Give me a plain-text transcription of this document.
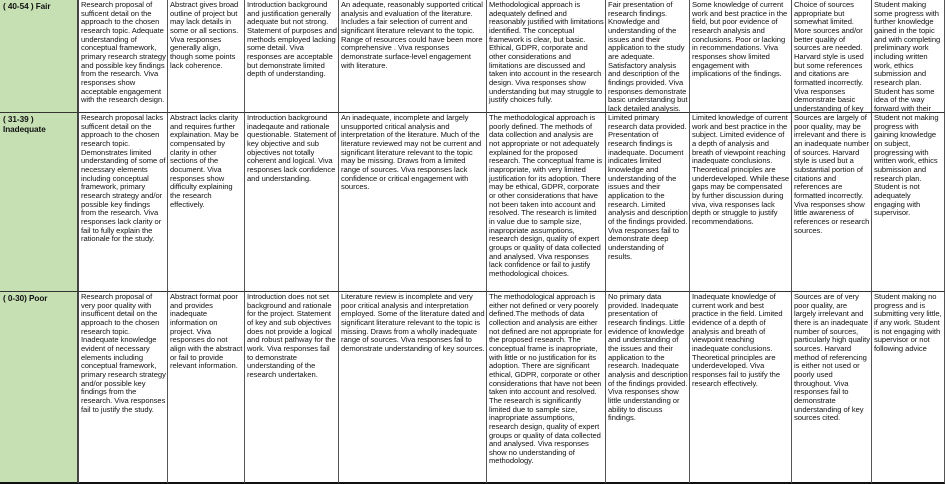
( 40-54 ) Fair	Research proposal of sufficent detail on the approach to the chosen research topic. Adequate understanding of conceptual framework, primary research strategy and possible key findings from the research. Viva responses show acceptable engagement with the research design.
Abstract gives broad outline of project but may lack details in some or all sections. Viva responses generally align, though some points lack coherence.
Introduction background and justification generally adequate but not strong. Statement of purposes and methods employed lacking some detail. Viva responses are acceptable but demonstrate limited depth of understanding.
An adequate, reasonably supported critical analysis and evaluation of the literature. Includes a fair selection of current and significant literature relevant to the topic. Range of resources could have been more comprehensive . Viva responses demonstrate surface-level engagement with literature.
Methodological approach is adequately defined and reasonably justified with limitations identified. The conceptual framework is clear, but basic. Ethical, GDPR, corporate and other considerations and limitations are discussed and taken into account in the research design. Viva responses show understanding but may struggle to justify choices fully.
Fair presentation of research findings. Knowledge and understanding of the issues and their application to the study are adequate. Satisfactory analysis and description of the findings provided. Viva responses demonstrate basic understanding but lack detailed analysis.
Some knowledge of current work and best practice in the field, but poor evidence of research analysis and conclusions. Poor or lacking in recommendations. Viva responses show limited engagement with implications of the findings.
Choice of sources appropriate but somewhat limited. More sources and/or better quality of sources are needed. Harvard style is used but some references and citations are formatted incorrectly. Viva responses demonstrate basic understanding of key
Student making some progress with further knowledge gained in the topic and with completing preliminary work including written work, ethics submission and research plan. Student has some idea of the way forward with their
( 31-39 ) Inadequate
Research proposal lacks sufficent detail on the approach to the chosen research topic. Demonstrates limited understanding of some of necessary elements including conceptual framework, primary research strategy and/or possible key findings from the research. Viva responses lack clarity or fail to fully explain the rationale for the study.
Abstract lacks clarity and requires further explaination. May be compensated by clarity in other sections of the document. Viva responses show difficulty explaining the research effectively.
Introduction background inadeqaute and rationale questionable. Statement of key objective and sub objectives not totally coherent and logical. Viva responses lack confidence and understanding.
An inadequate, incomplete and largely unsupported critical analysis and interpretation of the literature. Much of the literature reviewed may not be current and significant literature relevant to the topic may be missing. Draws from a limited range of sources. Viva responses lack confidence or critical engagement with sources.
The methodological approach is poorly defined. The methods of data collection and analysis are not appropriate or not adequately explained for the proposed research. The conceptual frame is inapropriate, with very limited justification for its adoption. There may be ethical, GDPR, corporate or other considerations that have not been taken into account and resolved. The research is limited in value due to sample size, inapropriate assumptions, research design, quality of expert groups or quality of data collected and analysed. Viva responses lack confidence or fail to justify methodological choices.
Limited primary research data provided. Presentation of research findings is inadequate. Document indicates limited knowledge and understanding of the issues and their application to the research. Limited analysis and description of the findings provided. Viva responses fail to demonstrate deep understanding of results.
Limited knowledge of current work and best practice in the subject. Limited evidence of a depth of analysis and breath of viewpoint reaching inadequate conclusions. Theoretical principles are underdeveloped. While these gaps may be compensated by further discussion during viva, viva responses lack depth or struggle to justify recommendations.
Sources are largely of poor quality, may be irrelevant and there is an inadequate number of sources. Harvard style is used but a substantial portion of citations and references are formatted incorrectly. Viva responses show little awareness of references or research sources.
Student not making progress with gaining knowledge on subject, progressing with written work, ethics submission and research plan. Student is not adequately engaging with supervisor.
( 0-30) Poor	Research proposal of very poor quality with insufficent detail on the approach to the chosen research topic. Inadequate knowledge evident of necessary elements including conceptual framework, primary research strategy and/or possible key findings from the research. Viva responses fail to justify the study.
Abstract format poor and provides inadequate information on project. Viva responses do not align with the abstract or fail to provide relevant information.
Introduction does not set background and rationale for the project. Statement of key and sub objectives does not provide a logical and robust pathway for the work. Viva responses fail to demonstrate understanding of the research undertaken.
Literature review is incomplete and very poor critical analysis and interpretation employed. Some of the literature dated and significant literature relevant to the topic is missing. Draws from a wholly inadequate range of sources. Viva responses fail to demonstrate understanding of key sources.
The methodological approach is either not defined or very poorely defined.The methods of data collection and analysis are either not defined are not appropriate for the proposed research. The conceptual frame is inapropriate, with little or no justification for its adoption. There are significant ethical, GDPR, corporate or other considerations that have not been taken into account and resolved. The research is significantly limited due to sample size, inapropriate assumptions, research design, quality of expert groups or quality of data collected and analysed. Viva responses show no understanding of methodology.
No primary data provided. Inadequate presentation of research findings. Little evidence of knowledge and understanding of the issues and their application to the research. Inadequate analysis and description of the findings provided. Viva responses show little understanding or ability to discuss findings.
Inadequate knowledge of current work and best practice in the field. Limited evidence of a depth of analysis and breath of viewpoint reaching inadequate conclusions. Theoretical principles are underdeveloped. Viva responses fail to justify the research effectively.
Sources are of very poor quality, are largely irrelevant and there is an inadequate number of sources, particularly high quality sources. Harvard method of referencing is either not used or poorly used throughout. Viva responses fail to demonstrate understanding of key sources cited.
Student making no progress and is submitting very little, if any work. Student is not engaging with supervisor or not following advice
